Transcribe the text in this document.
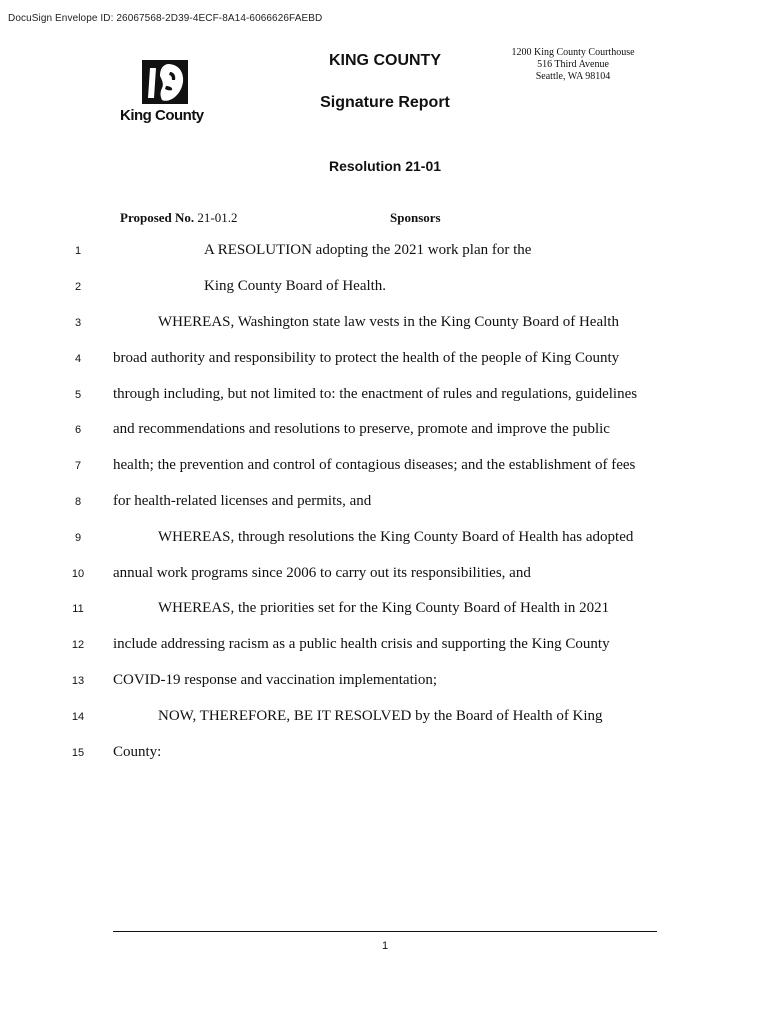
DocuSign Envelope ID: 26067568-2D39-4ECF-8A14-6066626FAEBD
King County
KING COUNTY
Signature Report
1200 King County Courthouse
516 Third Avenue
Seattle, WA 98104
Resolution 21-01
Proposed No. 21-01.2	Sponsors
1	A RESOLUTION adopting the 2021 work plan for the
2	King County Board of Health.
3	WHEREAS, Washington state law vests in the King County Board of Health
4	broad authority and responsibility to protect the health of the people of King County
5	through including, but not limited to: the enactment of rules and regulations, guidelines
6	and recommendations and resolutions to preserve, promote and improve the public
7	health; the prevention and control of contagious diseases; and the establishment of fees
8	for health-related licenses and permits, and
9	WHEREAS, through resolutions the King County Board of Health has adopted
10	annual work programs since 2006 to carry out its responsibilities, and
11	WHEREAS, the priorities set for the King County Board of Health in 2021
12	include addressing racism as a public health crisis and supporting the King County
13	COVID-19 response and vaccination implementation;
14	NOW, THEREFORE, BE IT RESOLVED by the Board of Health of King
15	County:
1
